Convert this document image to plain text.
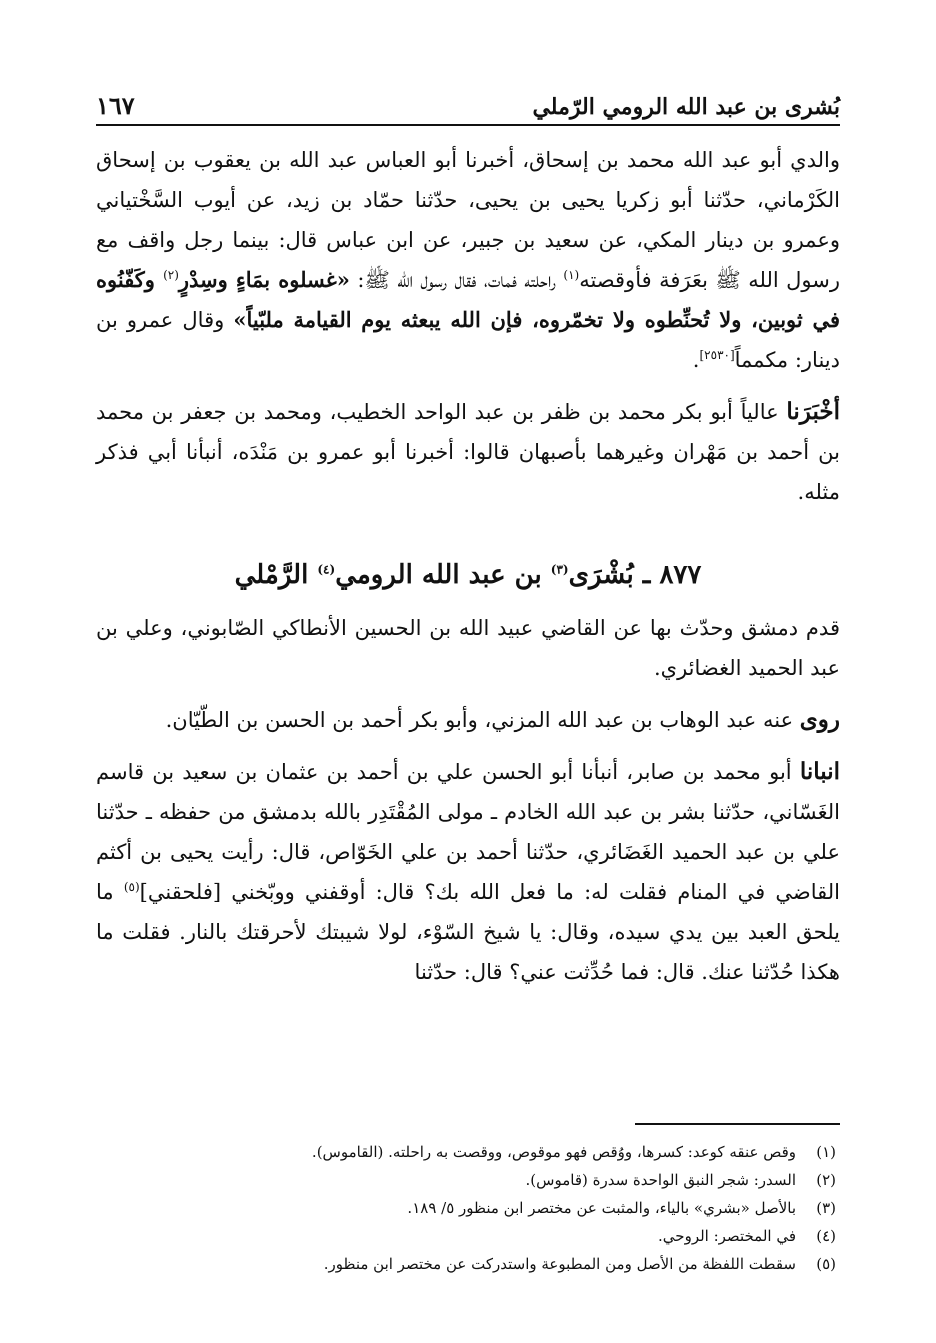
بُشرى بن عبد الله الرومي الرّملي
١٦٧

والدي أبو عبد الله محمد بن إسحاق، أخبرنا أبو العباس عبد الله بن يعقوب بن إسحاق الكَرْماني، حدّثنا أبو زكريا يحيى بن يحيى، حدّثنا حمّاد بن زيد، عن أيوب السَّخْتياني وعمرو بن دينار المكي، عن سعيد بن جبير، عن ابن عباس قال: بينما رجل واقف مع رسول الله ﷺ بعَرَفة فأوقصته$^{(١)}$ راحلته فمات، فقال رسول الله ﷺ: «غسلوه بمَاءٍ وسِدْرٍ$^{(٢)}$ وكَفّنُوه في ثوبين، ولا تُحنِّطوه ولا تخمّروه، فإن الله يبعثه يوم القيامة ملبّياً» وقال عمرو بن دينار: مكمماً[٢٥٣٠].

أخْبَرَنا عالياً أبو بكر محمد بن ظفر بن عبد الواحد الخطيب، ومحمد بن جعفر بن محمد بن أحمد بن مَهْران وغيرهما بأصبهان قالوا: أخبرنا أبو عمرو بن مَنْدَه، أنبأنا أبي فذكر مثله.

٨٧٧ ـ بُشْرَى$^{(٣)}$ بن عبد الله الرومي$^{(٤)}$ الرَّمْلي

قدم دمشق وحدّث بها عن القاضي عبيد الله بن الحسين الأنطاكي الصّابوني، وعلي بن عبد الحميد الغضائري.

روى عنه عبد الوهاب بن عبد الله المزني، وأبو بكر أحمد بن الحسن بن الطّيّان.

انبانا أبو محمد بن صابر، أنبأنا أبو الحسن علي بن أحمد بن عثمان بن سعيد بن قاسم الغَسّاني، حدّثنا بشر بن عبد الله الخادم ـ مولى المُقْتَدِر بالله بدمشق من حفظه ـ حدّثنا علي بن عبد الحميد الغَضَائري، حدّثنا أحمد بن علي الخَوّاص، قال: رأيت يحيى بن أكثم القاضي في المنام فقلت له: ما فعل الله بك؟ قال: أوقفني ووبّخني [فلحقني]$^{(٥)}$ ما يلحق العبد بين يدي سيده، وقال: يا شيخ السّوْء، لولا شيبتك لأحرقتك بالنار. فقلت ما هكذا حُدّثنا عنك. قال: فما حُدِّثت عني؟ قال: حدّثنا

(١)
وقص عنقه كوعد: كسرها، ووُقص فهو موقوص، ووقصت به راحلته. (القاموس).
(٢)
السدر: شجر النبق الواحدة سدرة (قاموس).
(٣)
بالأصل «بشري» بالياء، والمثبت عن مختصر ابن منظور ٥/ ١٨٩.
(٤)
في المختصر: الروحي.
(٥)
سقطت اللفظة من الأصل ومن المطبوعة واستدركت عن مختصر ابن منظور.
